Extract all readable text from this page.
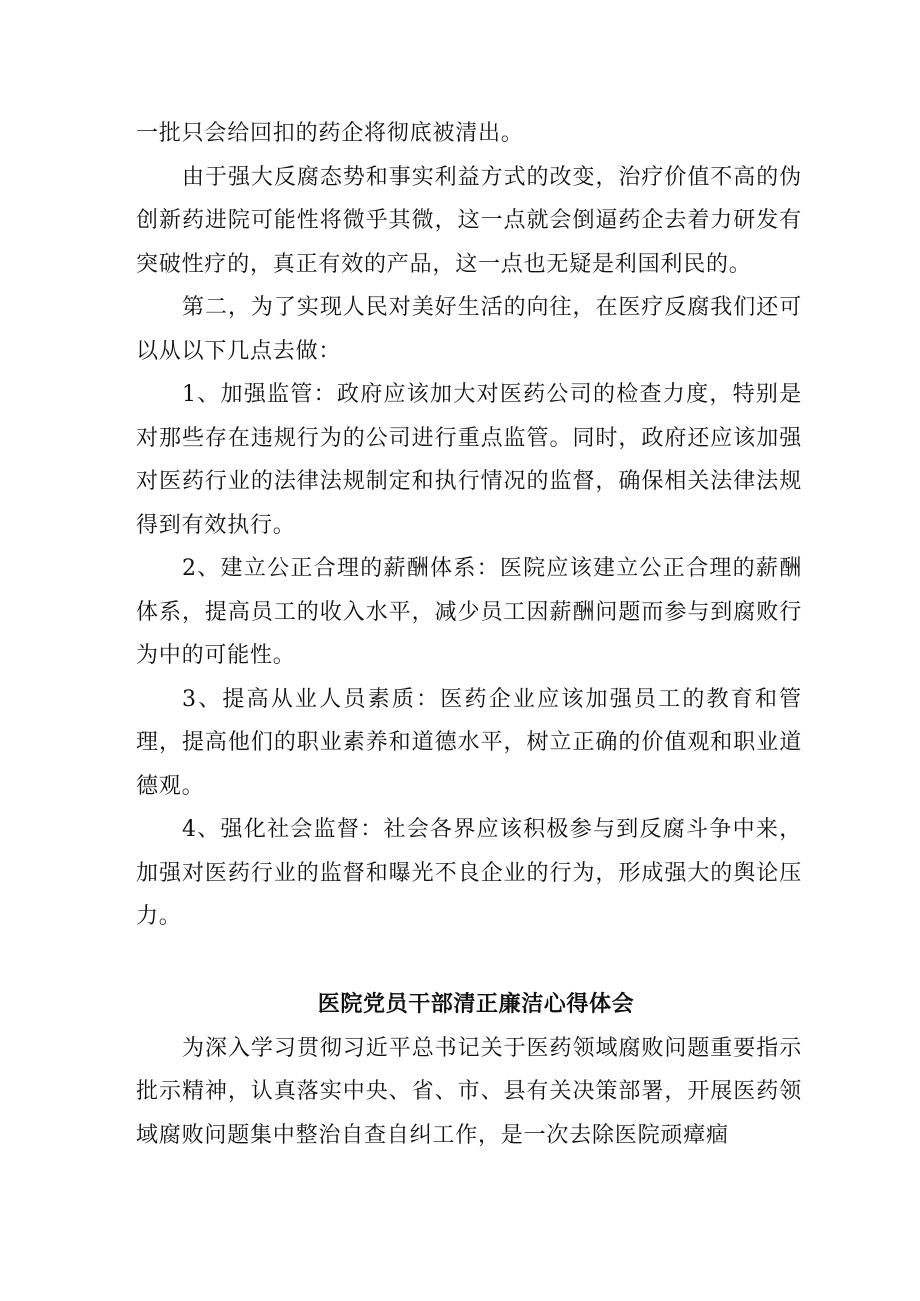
一批只会给回扣的药企将彻底被清出。

由于强大反腐态势和事实利益方式的改变，治疗价值不高的伪创新药进院可能性将微乎其微，这一点就会倒逼药企去着力研发有突破性疗的，真正有效的产品，这一点也无疑是利国利民的。

第二，为了实现人民对美好生活的向往，在医疗反腐我们还可以从以下几点去做：

1、加强监管：政府应该加大对医药公司的检查力度，特别是对那些存在违规行为的公司进行重点监管。同时，政府还应该加强对医药行业的法律法规制定和执行情况的监督，确保相关法律法规得到有效执行。

2、建立公正合理的薪酬体系：医院应该建立公正合理的薪酬体系，提高员工的收入水平，减少员工因薪酬问题而参与到腐败行为中的可能性。

3、提高从业人员素质：医药企业应该加强员工的教育和管理，提高他们的职业素养和道德水平，树立正确的价值观和职业道德观。

4、强化社会监督：社会各界应该积极参与到反腐斗争中来，加强对医药行业的监督和曝光不良企业的行为，形成强大的舆论压力。

医院党员干部清正廉洁心得体会

为深入学习贯彻习近平总书记关于医药领域腐败问题重要指示批示精神，认真落实中央、省、市、县有关决策部署，开展医药领域腐败问题集中整治自查自纠工作，是一次去除医院顽瘴痼
